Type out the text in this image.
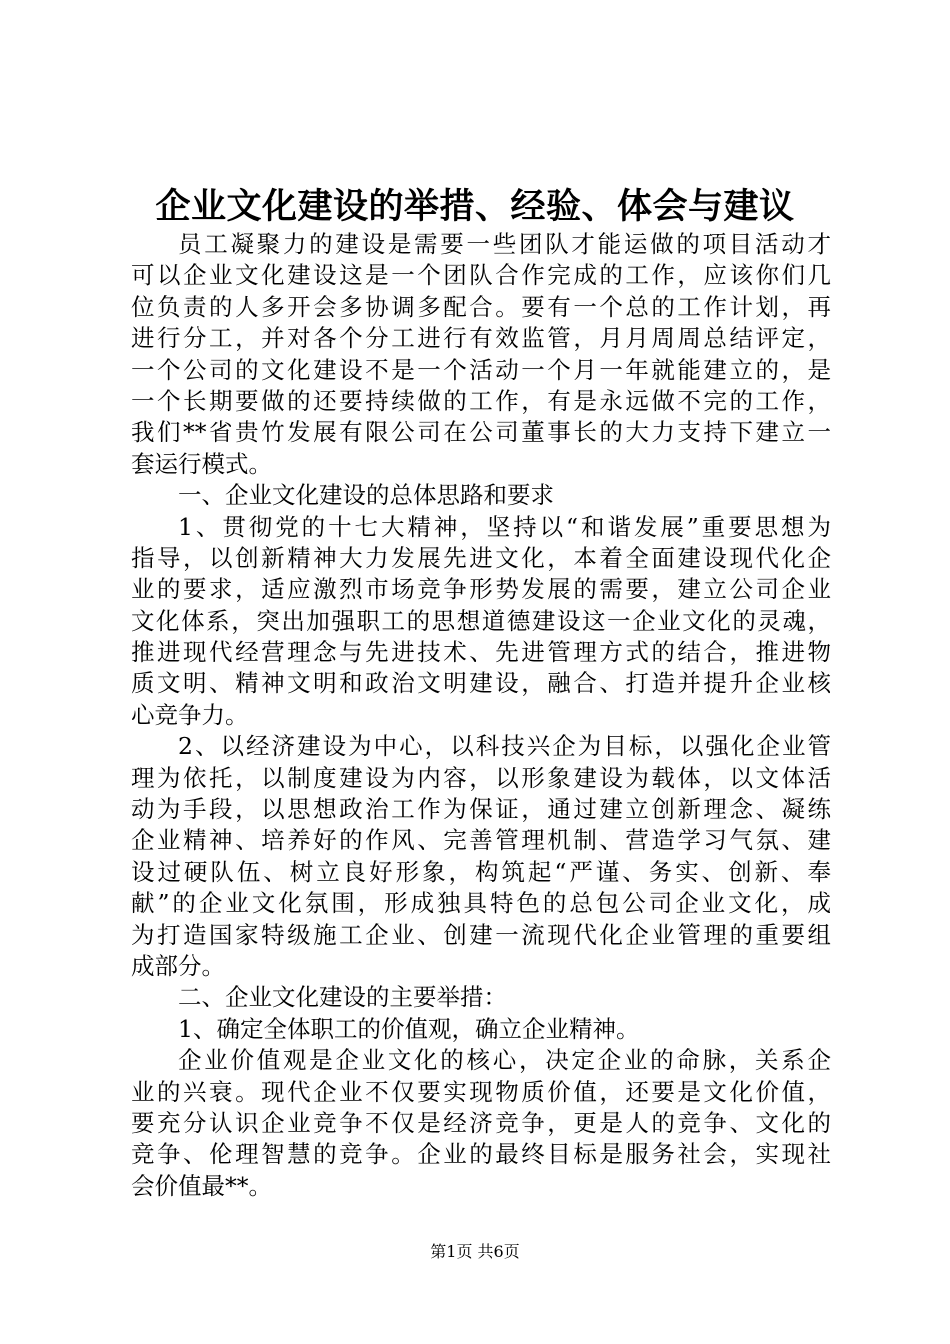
企业文化建设的举措、经验、体会与建议
员工凝聚力的建设是需要一些团队才能运做的项目活动才
可以企业文化建设这是一个团队合作完成的工作，应该你们几
位负责的人多开会多协调多配合。要有一个总的工作计划，再
进行分工，并对各个分工进行有效监管，月月周周总结评定，
一个公司的文化建设不是一个活动一个月一年就能建立的，是
一个长期要做的还要持续做的工作，有是永远做不完的工作，
我们**省贵竹发展有限公司在公司董事长的大力支持下建立一
套运行模式。
一、企业文化建设的总体思路和要求
1、贯彻党的十七大精神，坚持以“和谐发展”重要思想为
指导，以创新精神大力发展先进文化，本着全面建设现代化企
业的要求，适应激烈市场竞争形势发展的需要，建立公司企业
文化体系，突出加强职工的思想道德建设这一企业文化的灵魂，
推进现代经营理念与先进技术、先进管理方式的结合，推进物
质文明、精神文明和政治文明建设，融合、打造并提升企业核
心竞争力。
2、以经济建设为中心，以科技兴企为目标，以强化企业管
理为依托，以制度建设为内容，以形象建设为载体，以文体活
动为手段，以思想政治工作为保证，通过建立创新理念、凝练
企业精神、培养好的作风、完善管理机制、营造学习气氛、建
设过硬队伍、树立良好形象，构筑起“严谨、务实、创新、奉
献”的企业文化氛围，形成独具特色的总包公司企业文化，成
为打造国家特级施工企业、创建一流现代化企业管理的重要组
成部分。
二、企业文化建设的主要举措：
1、确定全体职工的价值观，确立企业精神。
企业价值观是企业文化的核心，决定企业的命脉，关系企
业的兴衰。现代企业不仅要实现物质价值，还要是文化价值，
要充分认识企业竞争不仅是经济竞争，更是人的竞争、文化的
竞争、伦理智慧的竞争。企业的最终目标是服务社会，实现社
会价值最**。
第1页 共6页
